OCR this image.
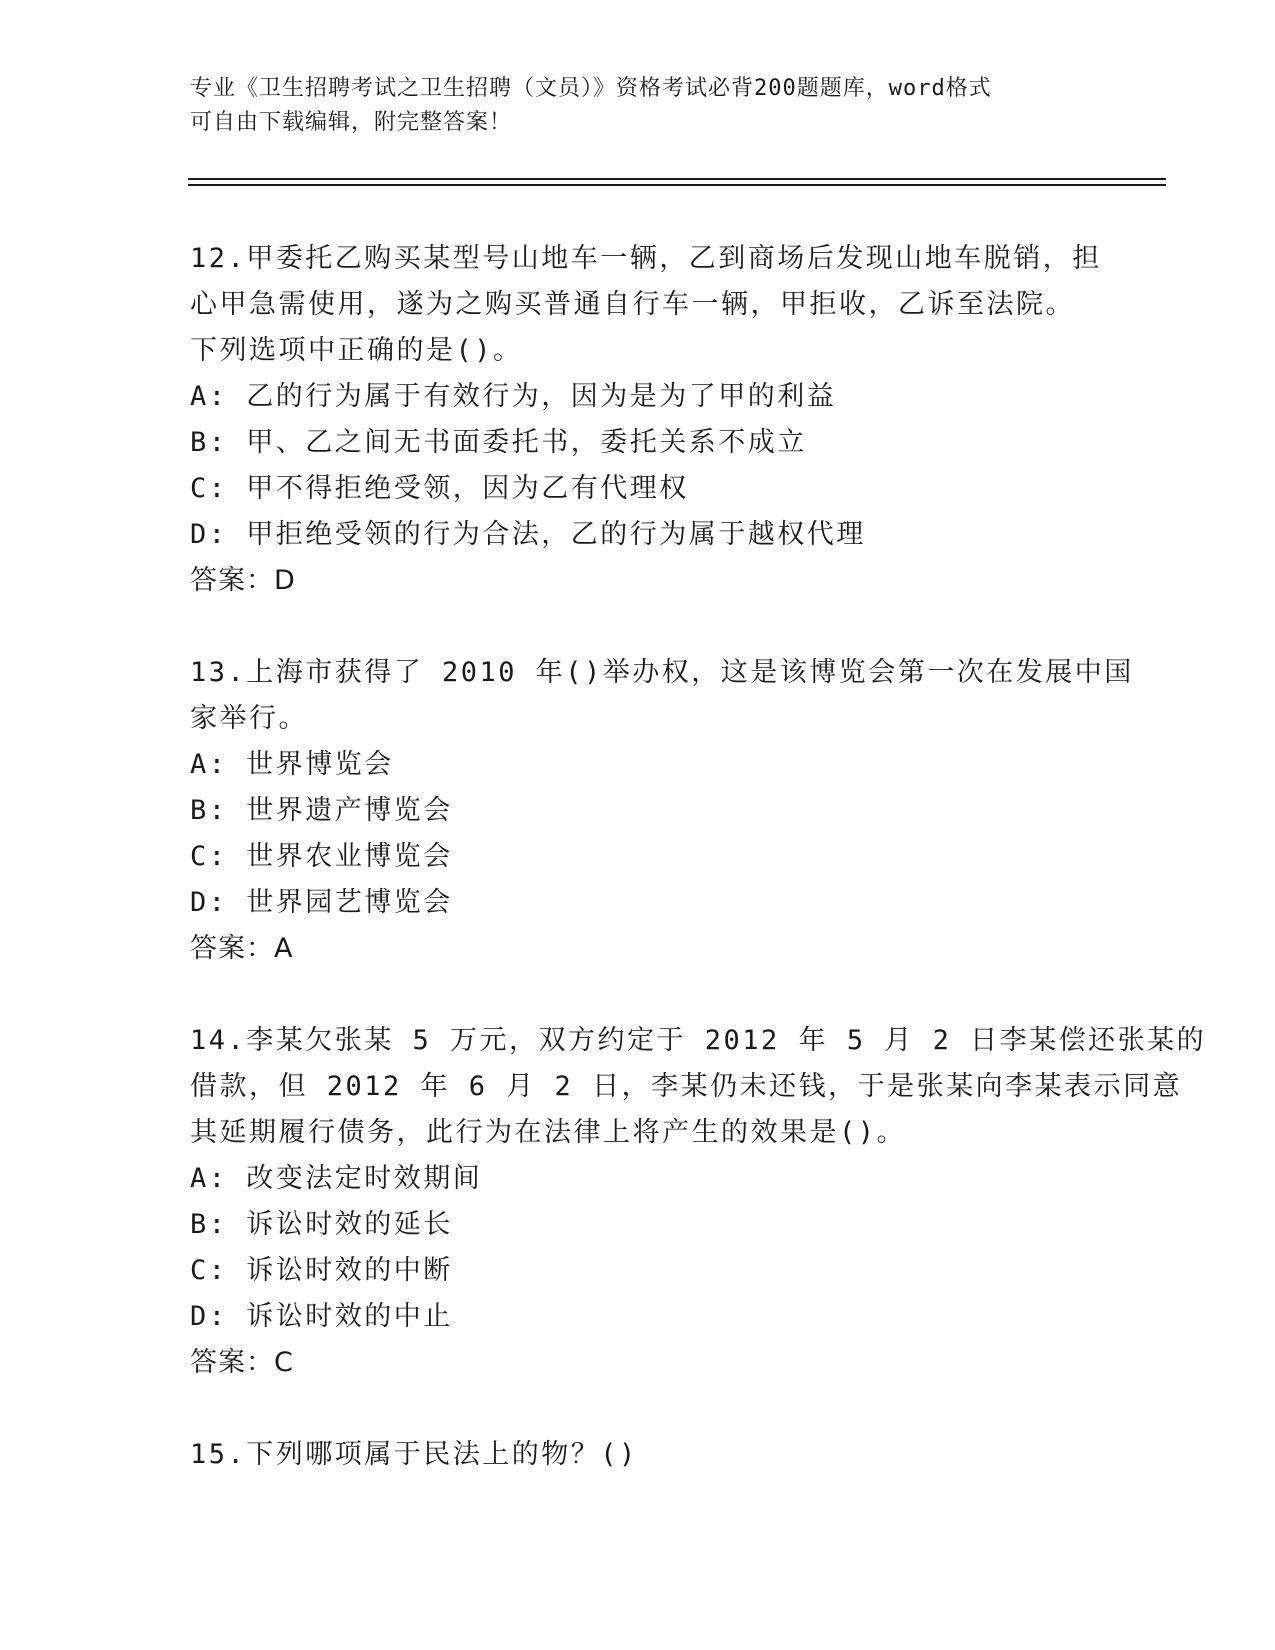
专业《卫生招聘考试之卫生招聘（文员）》资格考试必背200题题库，word格式
可自由下载编辑，附完整答案！
12.甲委托乙购买某型号山地车一辆，乙到商场后发现山地车脱销，担
心甲急需使用，遂为之购买普通自行车一辆，甲拒收，乙诉至法院。
下列选项中正确的是()。
A: 乙的行为属于有效行为，因为是为了甲的利益
B: 甲、乙之间无书面委托书，委托关系不成立
C: 甲不得拒绝受领，因为乙有代理权
D: 甲拒绝受领的行为合法，乙的行为属于越权代理
答案：D
13.上海市获得了 2010 年()举办权，这是该博览会第一次在发展中国
家举行。
A: 世界博览会
B: 世界遗产博览会
C: 世界农业博览会
D: 世界园艺博览会
答案：A
14.李某欠张某 5 万元，双方约定于 2012 年 5 月 2 日李某偿还张某的
借款，但 2012 年 6 月 2 日，李某仍未还钱，于是张某向李某表示同意
其延期履行债务，此行为在法律上将产生的效果是()。
A: 改变法定时效期间
B: 诉讼时效的延长
C: 诉讼时效的中断
D: 诉讼时效的中止
答案：C
15.下列哪项属于民法上的物？()
